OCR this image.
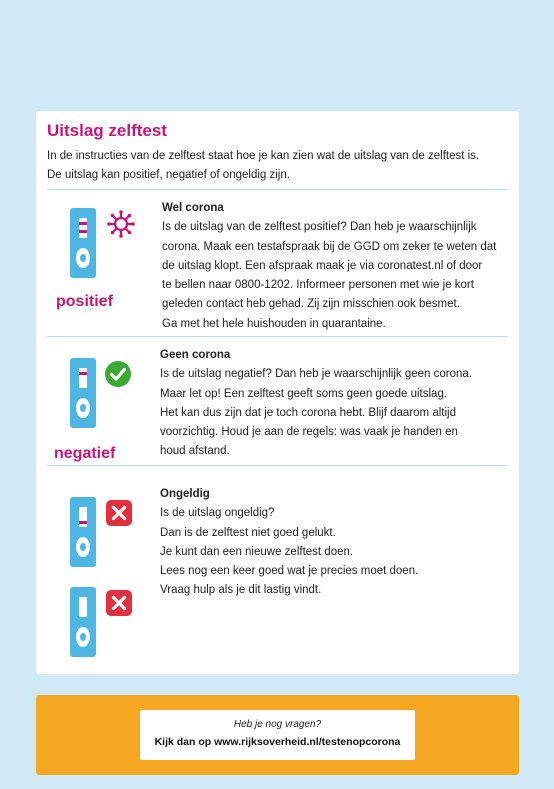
Uitslag zelftest
In de instructies van de zelftest staat hoe je kan zien wat de uitslag van de zelftest is.
De uitslag kan positief, negatief of ongeldig zijn.
positief
Wel corona
Is de uitslag van de zelftest positief? Dan heb je waarschijnlijk
corona. Maak een testafspraak bij de GGD om zeker te weten dat
de uitslag klopt. Een afspraak maak je via coronatest.nl of door
te bellen naar 0800-1202. Informeer personen met wie je kort
geleden contact heb gehad. Zij zijn misschien ook besmet.
Ga met het hele huishouden in quarantaine.
negatief
Geen corona
Is de uitslag negatief? Dan heb je waarschijnlijk geen corona.
Maar let op! Een zelftest geeft soms geen goede uitslag.
Het kan dus zijn dat je toch corona hebt. Blijf daarom altijd
voorzichtig. Houd je aan de regels: was vaak je handen en
houd afstand.
Ongeldig
Is de uitslag ongeldig?
Dan is de zelftest niet goed gelukt.
Je kunt dan een nieuwe zelftest doen.
Lees nog een keer goed wat je precies moet doen.
Vraag hulp als je dit lastig vindt.
Heb je nog vragen?
Kijk dan op www.rijksoverheid.nl/testenopcorona
